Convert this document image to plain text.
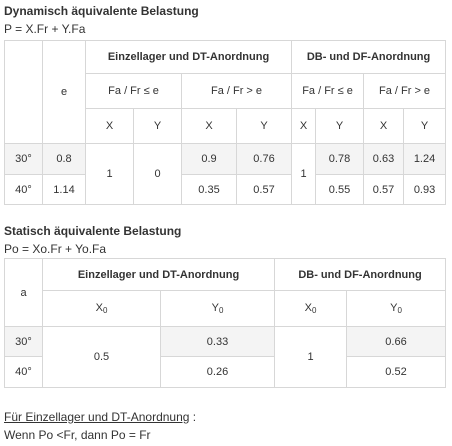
Dynamisch äquivalente Belastung
P = X.Fr + Y.Fa
	e	Einzellager und DT-Anordnung				DB- und DF-Anordnung			
		Fa / Fr ≤ e		Fa / Fr > e		Fa / Fr ≤ e		Fa / Fr > e	
		X	Y	X	Y	X	Y	X	Y
30°	0.8	1	0	0.9	0.76	1	0.78	0.63	1.24
40°	1.14			0.35	0.57		0.55	0.57	0.93
Statisch äquivalente Belastung
Po = Xo.Fr + Yo.Fa
a	Einzellager und DT-Anordnung		DB- und DF-Anordnung	
	$X_0$	$Y_0$	$X_0$	$Y_0$
30°	0.5	0.33	1	0.66
40°		0.26		0.52
Für Einzellager und DT-Anordnung :
Wenn Po <Fr, dann Po = Fr
